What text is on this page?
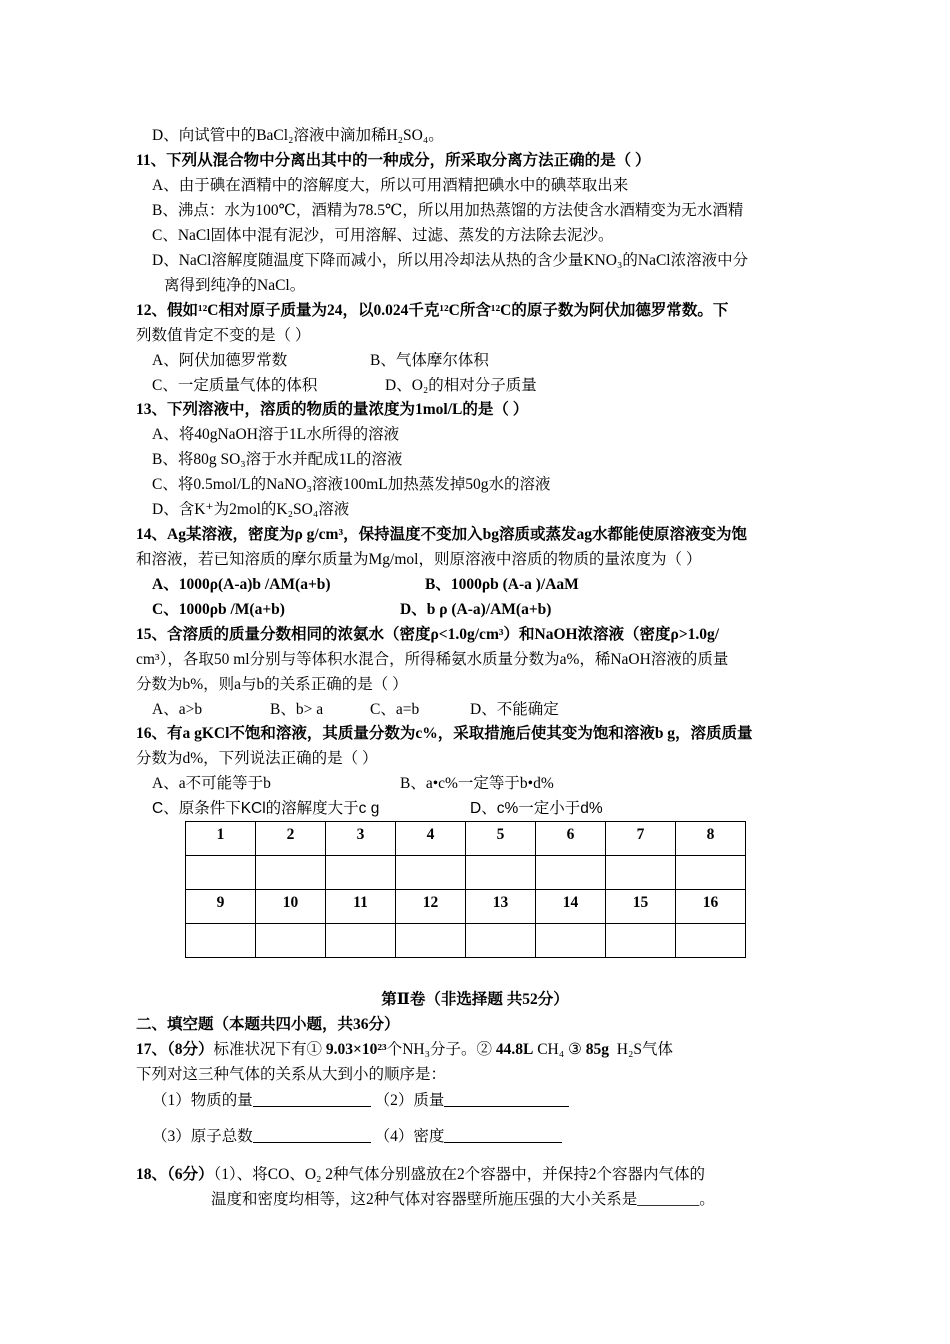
D、向试管中的BaCl₂溶液中滴加稀H₂SO₄。
11、下列从混合物中分离出其中的一种成分，所采取分离方法正确的是（ ）
A、由于碘在酒精中的溶解度大，所以可用酒精把碘水中的碘萃取出来
B、沸点：水为100℃，酒精为78.5℃，所以用加热蒸馏的方法使含水酒精变为无水酒精
C、NaCl固体中混有泥沙，可用溶解、过滤、蒸发的方法除去泥沙。
D、NaCl溶解度随温度下降而减小，所以用冷却法从热的含少量KNO₃的NaCl浓溶液中分
离得到纯净的NaCl。
12、假如¹²C相对原子质量为24，以0.024千克¹²C所含¹²C的原子数为阿伏加德罗常数。下
列数值肯定不变的是（ ）
A、阿伏加德罗常数	B、气体摩尔体积
C、一定质量气体的体积	D、O₂的相对分子质量
13、下列溶液中，溶质的物质的量浓度为1mol/L的是（ ）
A、将40gNaOH溶于1L水所得的溶液
B、将80g SO₃溶于水并配成1L的溶液
C、将0.5mol/L的NaNO₃溶液100mL加热蒸发掉50g水的溶液
D、含K⁺为2mol的K₂SO₄溶液
14、Ag某溶液，密度为ρ g/cm³，保持温度不变加入bg溶质或蒸发ag水都能使原溶液变为饱
和溶液，若已知溶质的摩尔质量为Mg/mol，则原溶液中溶质的物质的量浓度为（ ）
A、1000ρ(A-a)b /AM(a+b)	B、1000ρb (A-a )/AaM
C、1000ρb /M(a+b)	D、b ρ (A-a)/AM(a+b)
15、含溶质的质量分数相同的浓氨水（密度ρ<1.0g/cm³）和NaOH浓溶液（密度ρ>1.0g/
cm³），各取50 ml分别与等体积水混合，所得稀氨水质量分数为a%，稀NaOH溶液的质量
分数为b%，则a与b的关系正确的是（ ）
A、a>b	B、b> a	C、a=b	D、不能确定
16、有a gKCl不饱和溶液，其质量分数为c%，采取措施后使其变为饱和溶液b g，溶质质量
分数为d%，下列说法正确的是（ ）
A、a不可能等于b	B、a•c%一定等于b•d%
C、原条件下KCl的溶解度大于c g	D、c%一定小于d%
1	2	3	4	5	6	7	8

9	10	11	12	13	14	15	16

第Ⅱ卷（非选择题 共52分）
二、填空题（本题共四小题，共36分）
17、（8分）标准状况下有① 9.03×10²³个NH₃分子。② 44.8L CH₄ ③ 85g H₂S气体
下列对这三种气体的关系从大到小的顺序是：
（1）物质的量	（2）质量
（3）原子总数	（4）密度
18、（6分）（1）、将CO、O₂ 2种气体分别盛放在2个容器中，并保持2个容器内气体的
温度和密度均相等，这2种气体对容器壁所施压强的大小关系是________。
